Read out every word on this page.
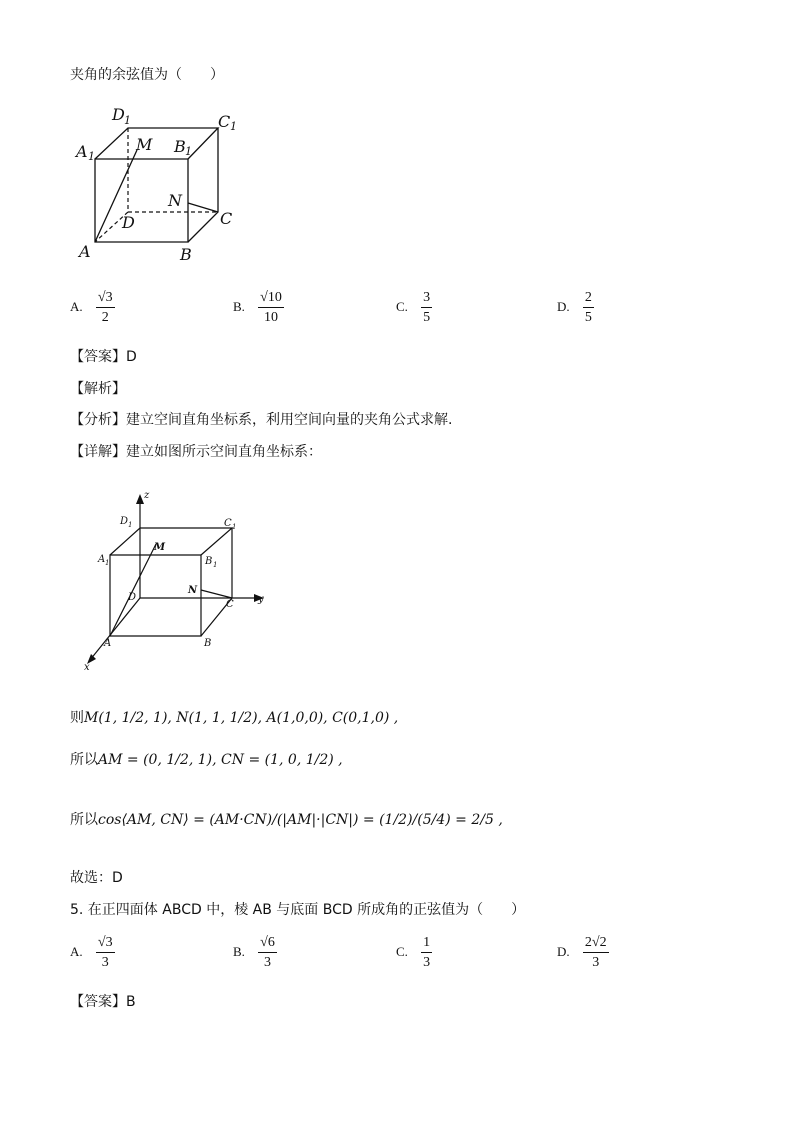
夹角的余弦值为（　　）
D 1	C 1
A 1
M B 1
N
C
D
A	B
A. $\frac{√3}{2}$	B. $\frac{√10}{10}$	C. $\frac{3}{5}$	D. $\frac{2}{5}$
【答案】D
【解析】
【分析】建立空间直角坐标系，利用空间向量的夹角公式求解.
【详解】建立如图所示空间直角坐标系：
z
y
x
D 1	C 1
A 1
M
B 1
N
C
D
A	B
则M(1, 1/2, 1), N(1, 1, 1/2), A(1,0,0), C(0,1,0) ,
所以AM = (0, 1/2, 1), CN = (1, 0, 1/2) ,
所以cos⟨AM, CN⟩ = (AM·CN)/(|AM|·|CN|) = (1/2)/(5/4) = 2/5 ,
故选：D
5. 在正四面体 ABCD 中，棱 AB 与底面 BCD 所成角的正弦值为（　　）
A. $\frac{√3}{3}$	B. $\frac{√6}{3}$	C. $\frac{1}{3}$	D. $\frac{2√2}{3}$
【答案】B
